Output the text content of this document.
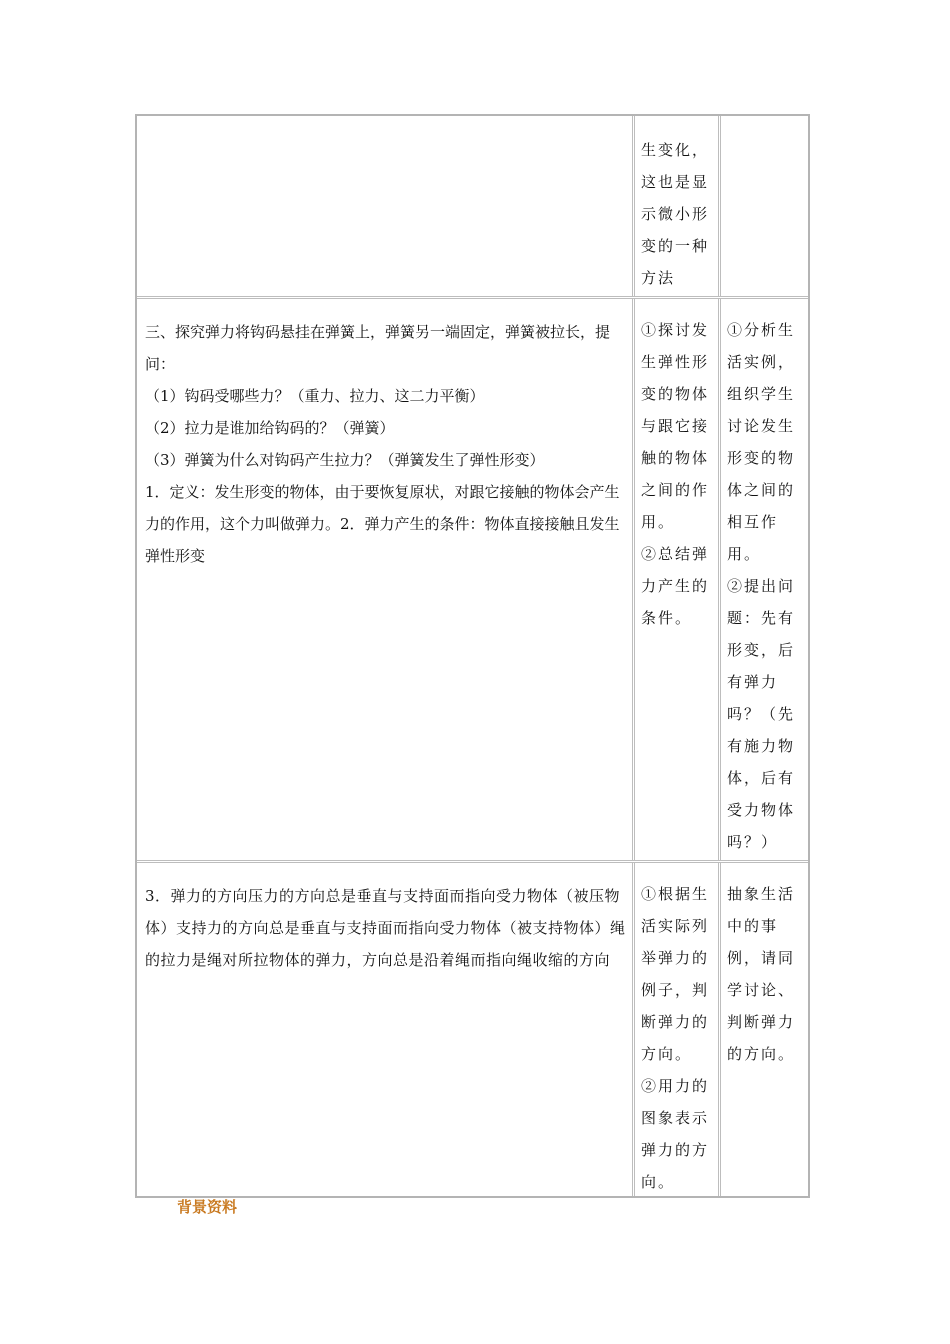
生变化，这也是显示微小形变的一种方法
三、探究弹力将钩码悬挂在弹簧上，弹簧另一端固定，弹簧被拉长，提问：
（1）钩码受哪些力？（重力、拉力、这二力平衡）
（2）拉力是谁加给钩码的？（弹簧）
（3）弹簧为什么对钩码产生拉力？（弹簧发生了弹性形变）
1．定义：发生形变的物体，由于要恢复原状，对跟它接触的物体会产生力的作用，这个力叫做弹力。2．弹力产生的条件：物体直接接触且发生弹性形变
①探讨发生弹性形变的物体与跟它接触的物体之间的作用。
②总结弹力产生的条件。
①分析生活实例，组织学生讨论发生形变的物体之间的相互作用。
②提出问题：先有形变，后有弹力吗？（先有施力物体，后有受力物体吗？）
3．弹力的方向压力的方向总是垂直与支持面而指向受力物体（被压物体）支持力的方向总是垂直与支持面而指向受力物体（被支持物体）绳的拉力是绳对所拉物体的弹力，方向总是沿着绳而指向绳收缩的方向
①根据生活实际列举弹力的例子，判断弹力的方向。
②用力的图象表示弹力的方向。
抽象生活中的事例，请同学讨论、判断弹力的方向。
背景资料
